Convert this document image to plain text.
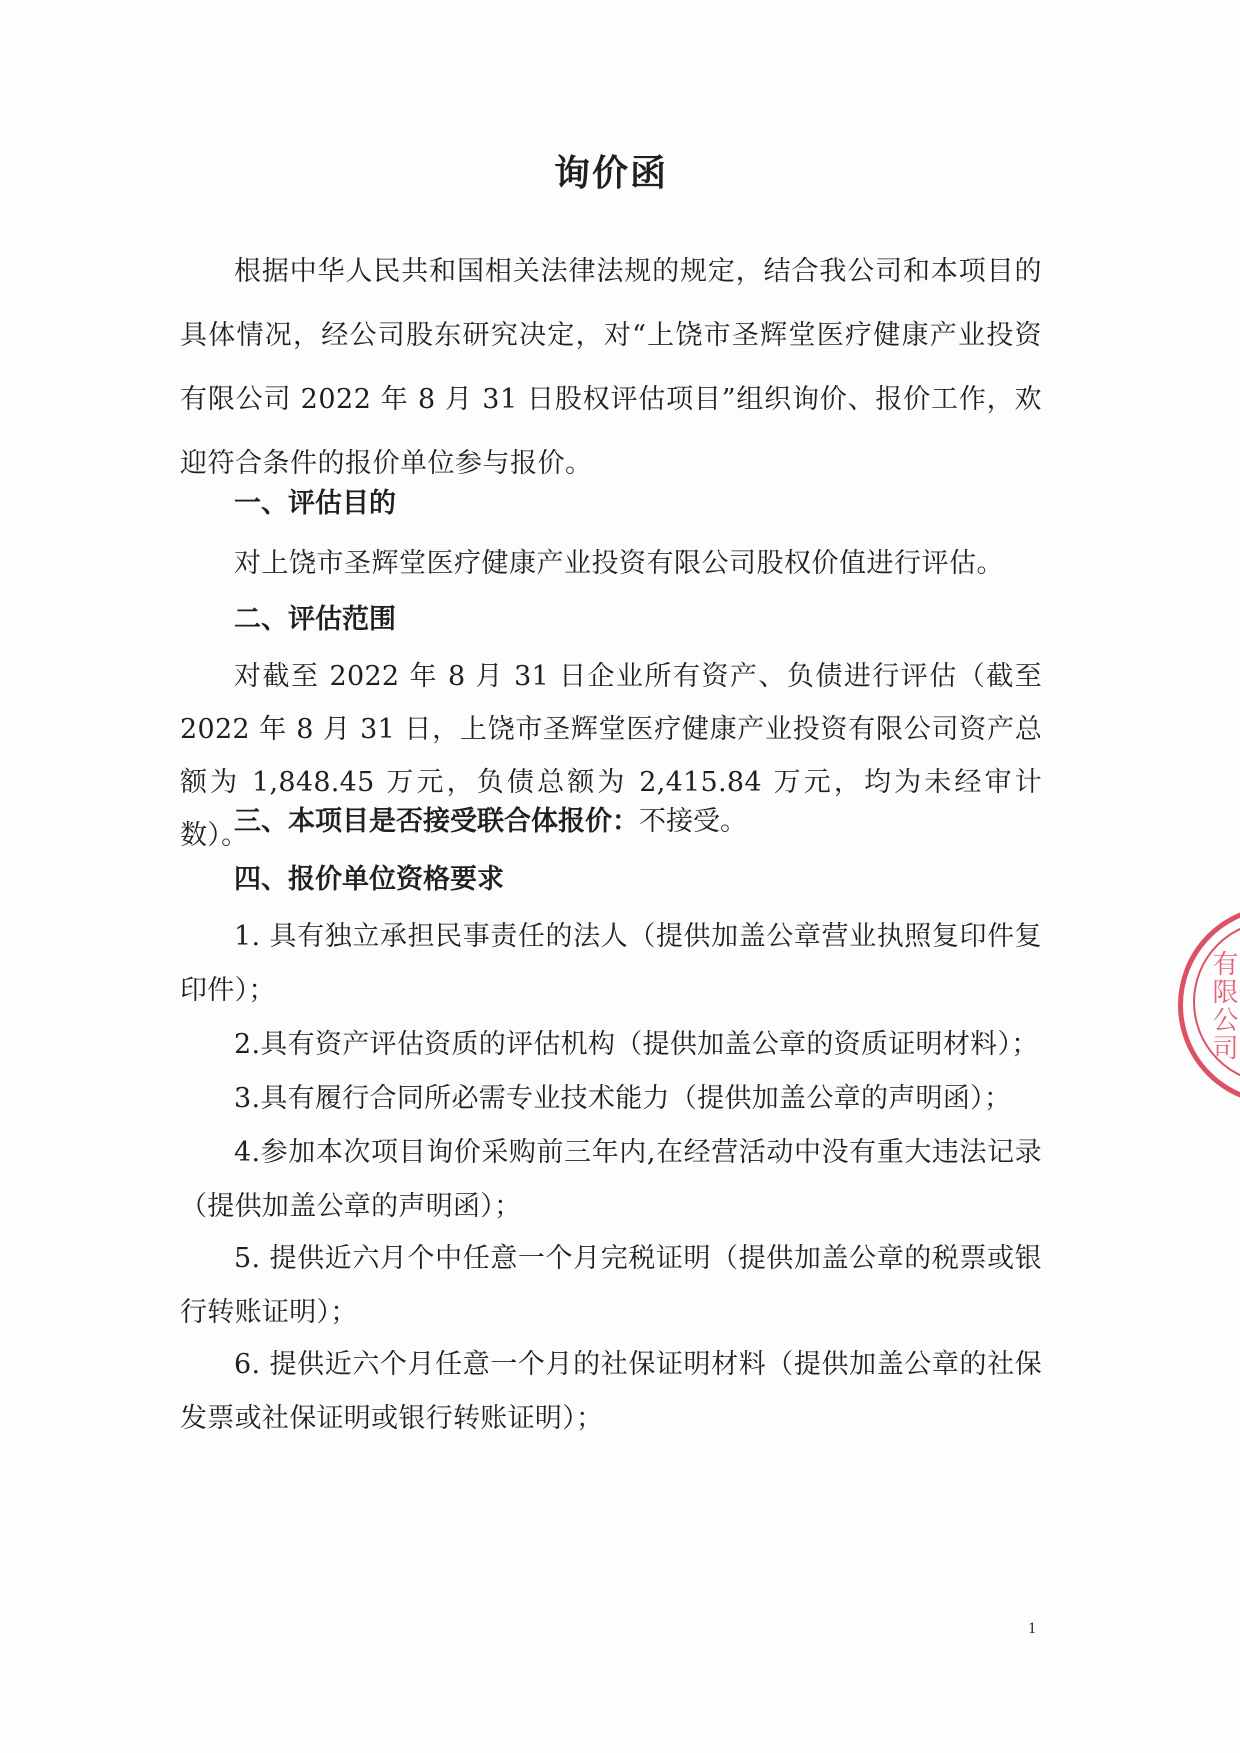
询价函

根据中华人民共和国相关法律法规的规定，结合我公司和本项目的具体情况，经公司股东研究决定，对“上饶市圣辉堂医疗健康产业投资有限公司 2022 年 8 月 31 日股权评估项目”组织询价、报价工作，欢迎符合条件的报价单位参与报价。

一、评估目的

对上饶市圣辉堂医疗健康产业投资有限公司股权价值进行评估。

二、评估范围

对截至 2022 年 8 月 31 日企业所有资产、负债进行评估（截至 2022 年 8 月 31 日，上饶市圣辉堂医疗健康产业投资有限公司资产总额为 1,848.45 万元，负债总额为 2,415.84 万元，均为未经审计数）。

三、本项目是否接受联合体报价：不接受。

四、报价单位资格要求

1. 具有独立承担民事责任的法人（提供加盖公章营业执照复印件复印件）；

2.具有资产评估资质的评估机构（提供加盖公章的资质证明材料）；

3.具有履行合同所必需专业技术能力（提供加盖公章的声明函）；

4.参加本次项目询价采购前三年内,在经营活动中没有重大违法记录（提供加盖公章的声明函）；

5. 提供近六月个中任意一个月完税证明（提供加盖公章的税票或银行转账证明）；

6. 提供近六个月任意一个月的社保证明材料（提供加盖公章的社保发票或社保证明或银行转账证明）；

1
有限公司
